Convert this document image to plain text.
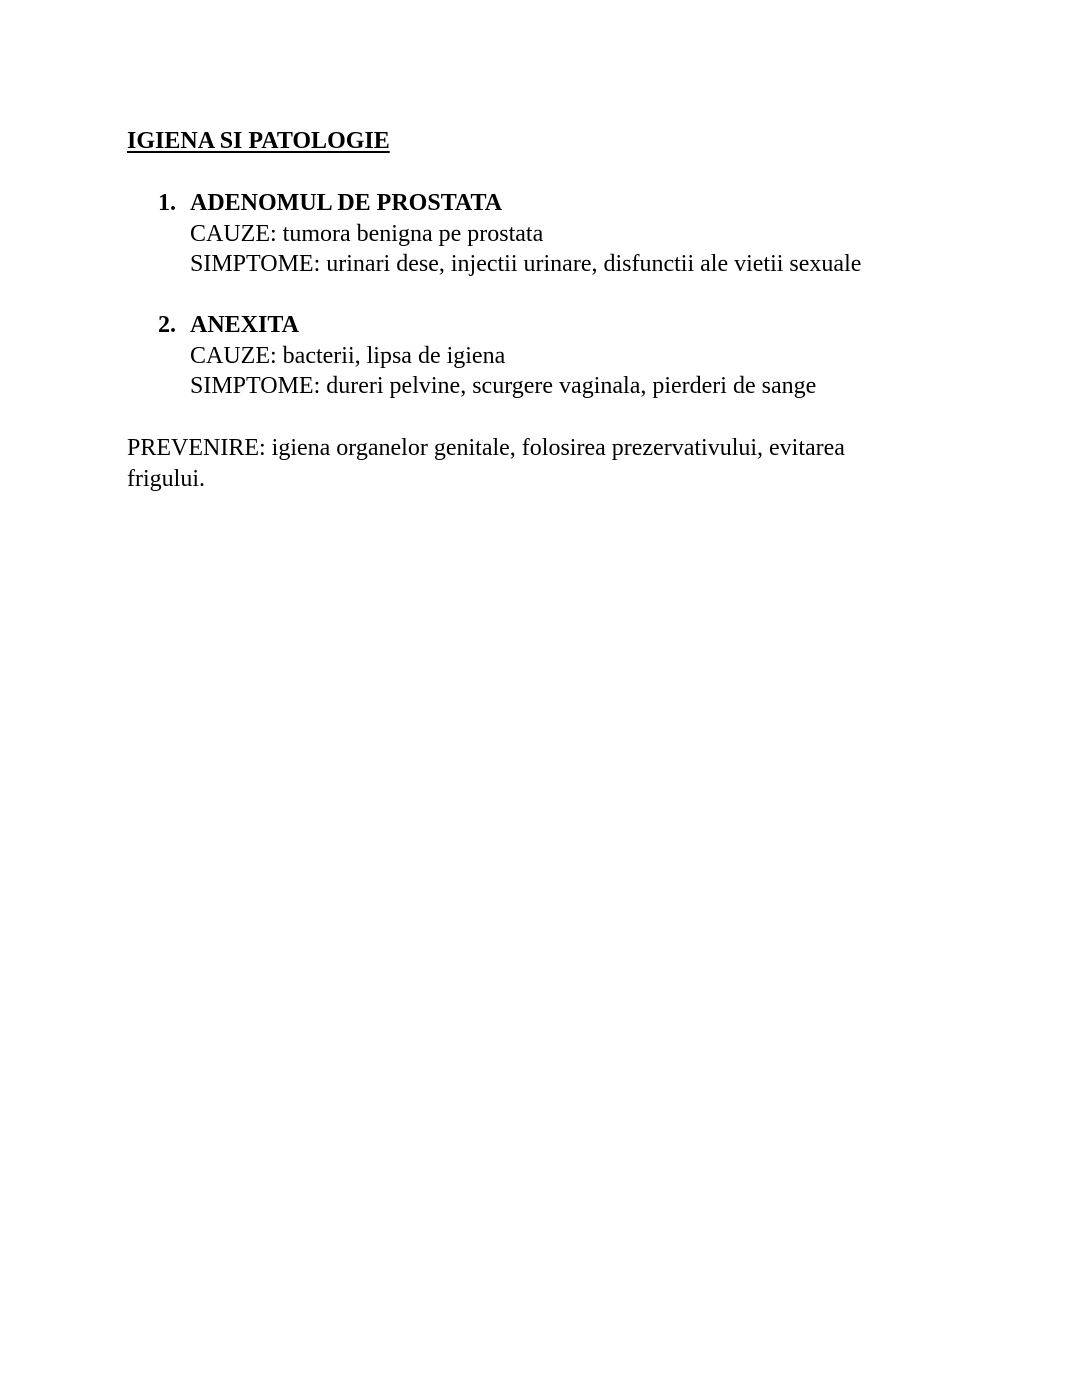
IGIENA SI PATOLOGIE
1. ADENOMUL DE PROSTATA
CAUZE: tumora benigna pe prostata
SIMPTOME: urinari dese, injectii urinare, disfunctii ale vietii sexuale
2. ANEXITA
CAUZE: bacterii, lipsa de igiena
SIMPTOME: dureri pelvine, scurgere vaginala, pierderi de sange

PREVENIRE: igiena organelor genitale, folosirea prezervativului, evitarea frigului.
